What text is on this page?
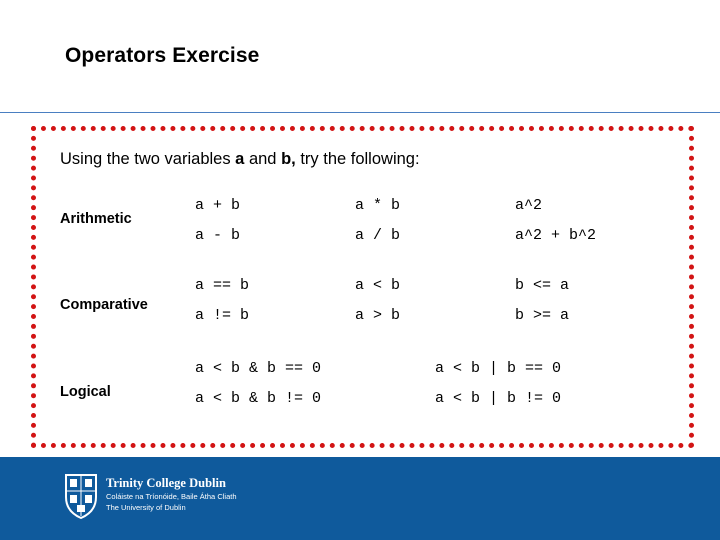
Operators Exercise
Using the two variables a and b, try the following:
Arithmetic
a + b	a * b	a^2
a - b	a / b	a^2 + b^2
Comparative
a == b	a < b	b <= a
a != b	a > b	b >= a
Logical
a < b & b == 0	a < b | b == 0
a < b & b != 0	a < b | b != 0
Trinity College Dublin
Coláiste na Tríonóide, Baile Átha Cliath
The University of Dublin
